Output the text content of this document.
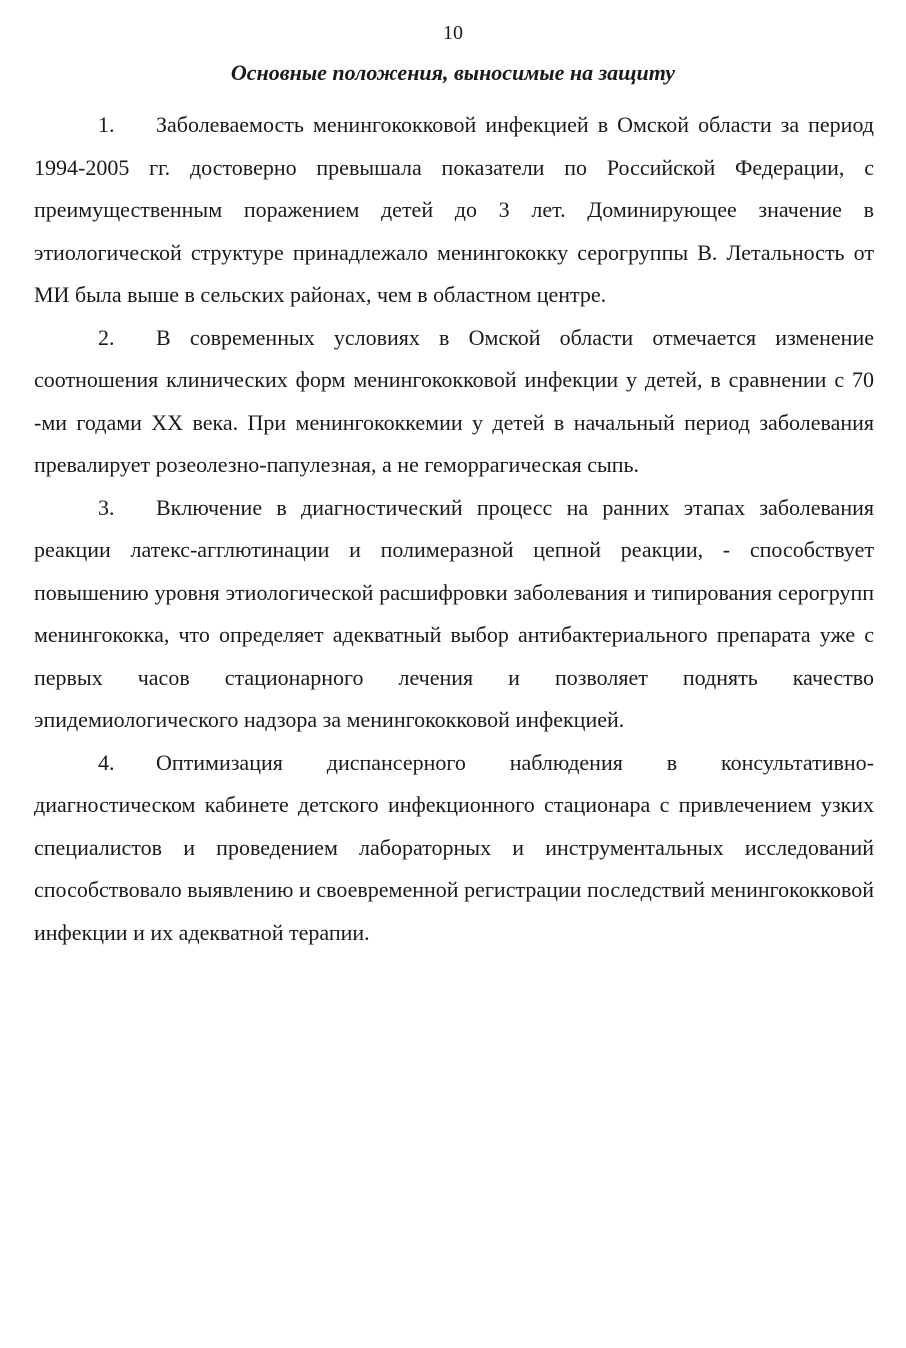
10
Основные положения, выносимые на защиту

1. Заболеваемость менингококковой инфекцией в Омской области за период 1994-2005 гг. достоверно превышала показатели по Российской Федерации, с преимущественным поражением детей до 3 лет. Доминирующее значение в этиологической структуре принадлежало менингококку серогруппы В. Летальность от МИ была выше в сельских районах, чем в областном центре.

2. В современных условиях в Омской области отмечается изменение соотношения клинических форм менингококковой инфекции у детей, в сравнении с 70 -ми годами XX века. При менингококкемии у детей в начальный период заболевания превалирует розеолезно-папулезная, а не геморрагическая сыпь.

3. Включение в диагностический процесс на ранних этапах заболевания реакции латекс-агглютинации и полимеразной цепной реакции, - способствует повышению уровня этиологической расшифровки заболевания и типирования серогрупп менингококка, что определяет адекватный выбор антибактериального препарата уже с первых часов стационарного лечения и позволяет поднять качество эпидемиологического надзора за менингококковой инфекцией.

4. Оптимизация диспансерного наблюдения в консультативно-диагностическом кабинете детского инфекционного стационара с привлечением узких специалистов и проведением лабораторных и инструментальных исследований способствовало выявлению и своевременной регистрации последствий менингококковой инфекции и их адекватной терапии.
